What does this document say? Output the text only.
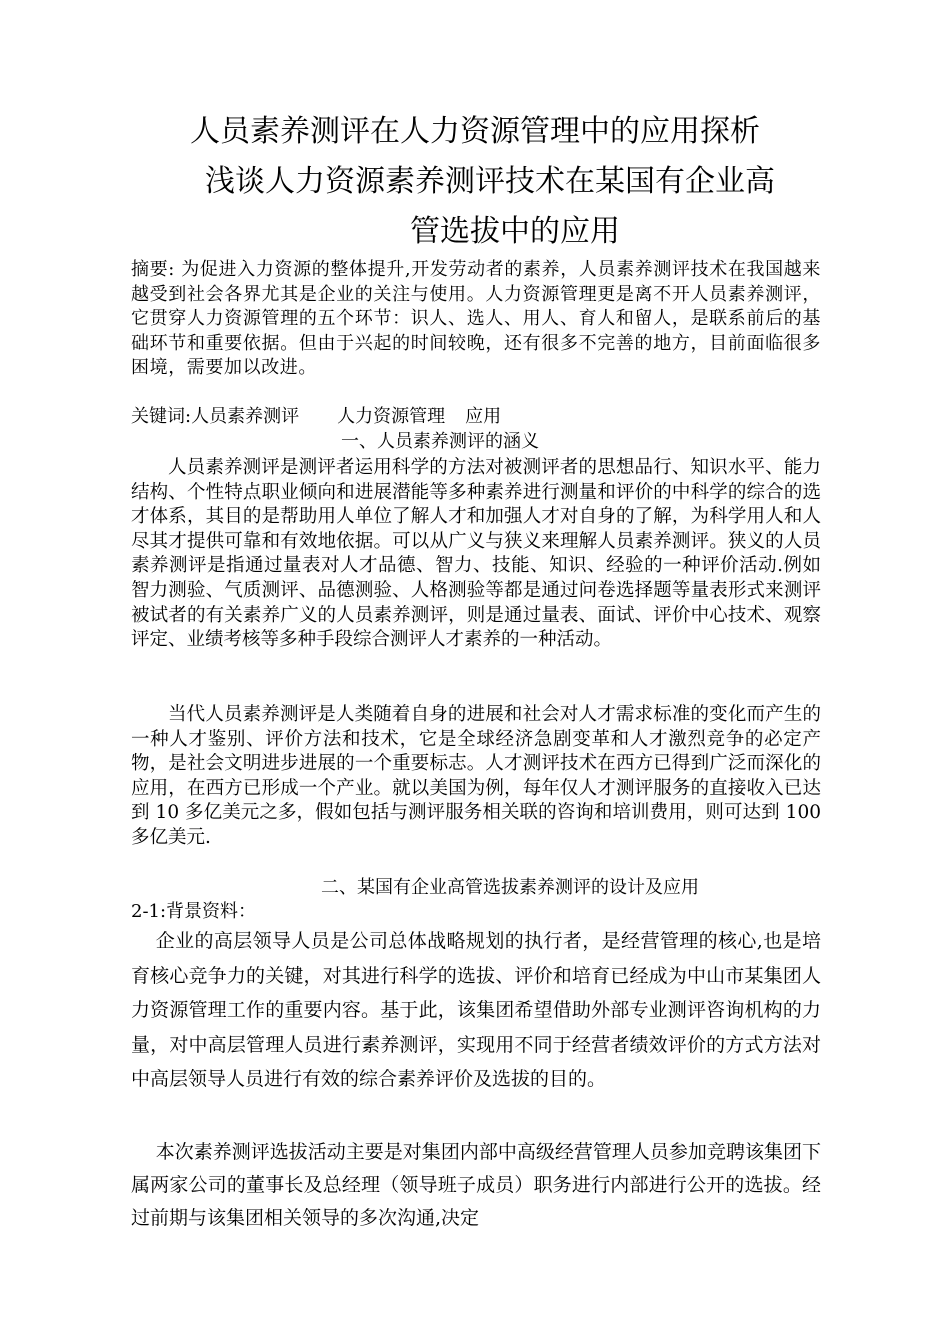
人员素养测评在人力资源管理中的应用探析
浅谈人力资源素养测评技术在某国有企业高
管选拔中的应用
摘要: 为促进入力资源的整体提升,开发劳动者的素养，人员素养测评技术在我国越来越受到社会各界尤其是企业的关注与使用。人力资源管理更是离不开人员素养测评，它贯穿人力资源管理的五个环节：识人、选人、用人、育人和留人，是联系前后的基础环节和重要依据。但由于兴起的时间较晚，还有很多不完善的地方，目前面临很多困境，需要加以改进。
关键词:人员素养测评 人力资源管理 应用
一、人员素养测评的涵义
人员素养测评是测评者运用科学的方法对被测评者的思想品行、知识水平、能力结构、个性特点职业倾向和进展潜能等多种素养进行测量和评价的中科学的综合的选才体系，其目的是帮助用人单位了解人才和加强人才对自身的了解，为科学用人和人尽其才提供可靠和有效地依据。可以从广义与狭义来理解人员素养测评。狭义的人员素养测评是指通过量表对人才品德、智力、技能、知识、经验的一种评价活动.例如智力测验、气质测评、品德测验、人格测验等都是通过问卷选择题等量表形式来测评被试者的有关素养广义的人员素养测评，则是通过量表、面试、评价中心技术、观察评定、业绩考核等多种手段综合测评人才素养的一种活动。
当代人员素养测评是人类随着自身的进展和社会对人才需求标准的变化而产生的一种人才鉴别、评价方法和技术，它是全球经济急剧变革和人才激烈竞争的必定产物，是社会文明进步进展的一个重要标志。人才测评技术在西方已得到广泛而深化的应用，在西方已形成一个产业。就以美国为例，每年仅人才测评服务的直接收入已达到 10 多亿美元之多，假如包括与测评服务相关联的咨询和培训费用，则可达到 100 多亿美元.
二、某国有企业高管选拔素养测评的设计及应用
2-1:背景资料：
企业的高层领导人员是公司总体战略规划的执行者，是经营管理的核心,也是培育核心竞争力的关键，对其进行科学的选拔、评价和培育已经成为中山市某集团人力资源管理工作的重要内容。基于此，该集团希望借助外部专业测评咨询机构的力量，对中高层管理人员进行素养测评，实现用不同于经营者绩效评价的方式方法对中高层领导人员进行有效的综合素养评价及选拔的目的。
本次素养测评选拔活动主要是对集团内部中高级经营管理人员参加竞聘该集团下属两家公司的董事长及总经理（领导班子成员）职务进行内部进行公开的选拔。经过前期与该集团相关领导的多次沟通,决定
